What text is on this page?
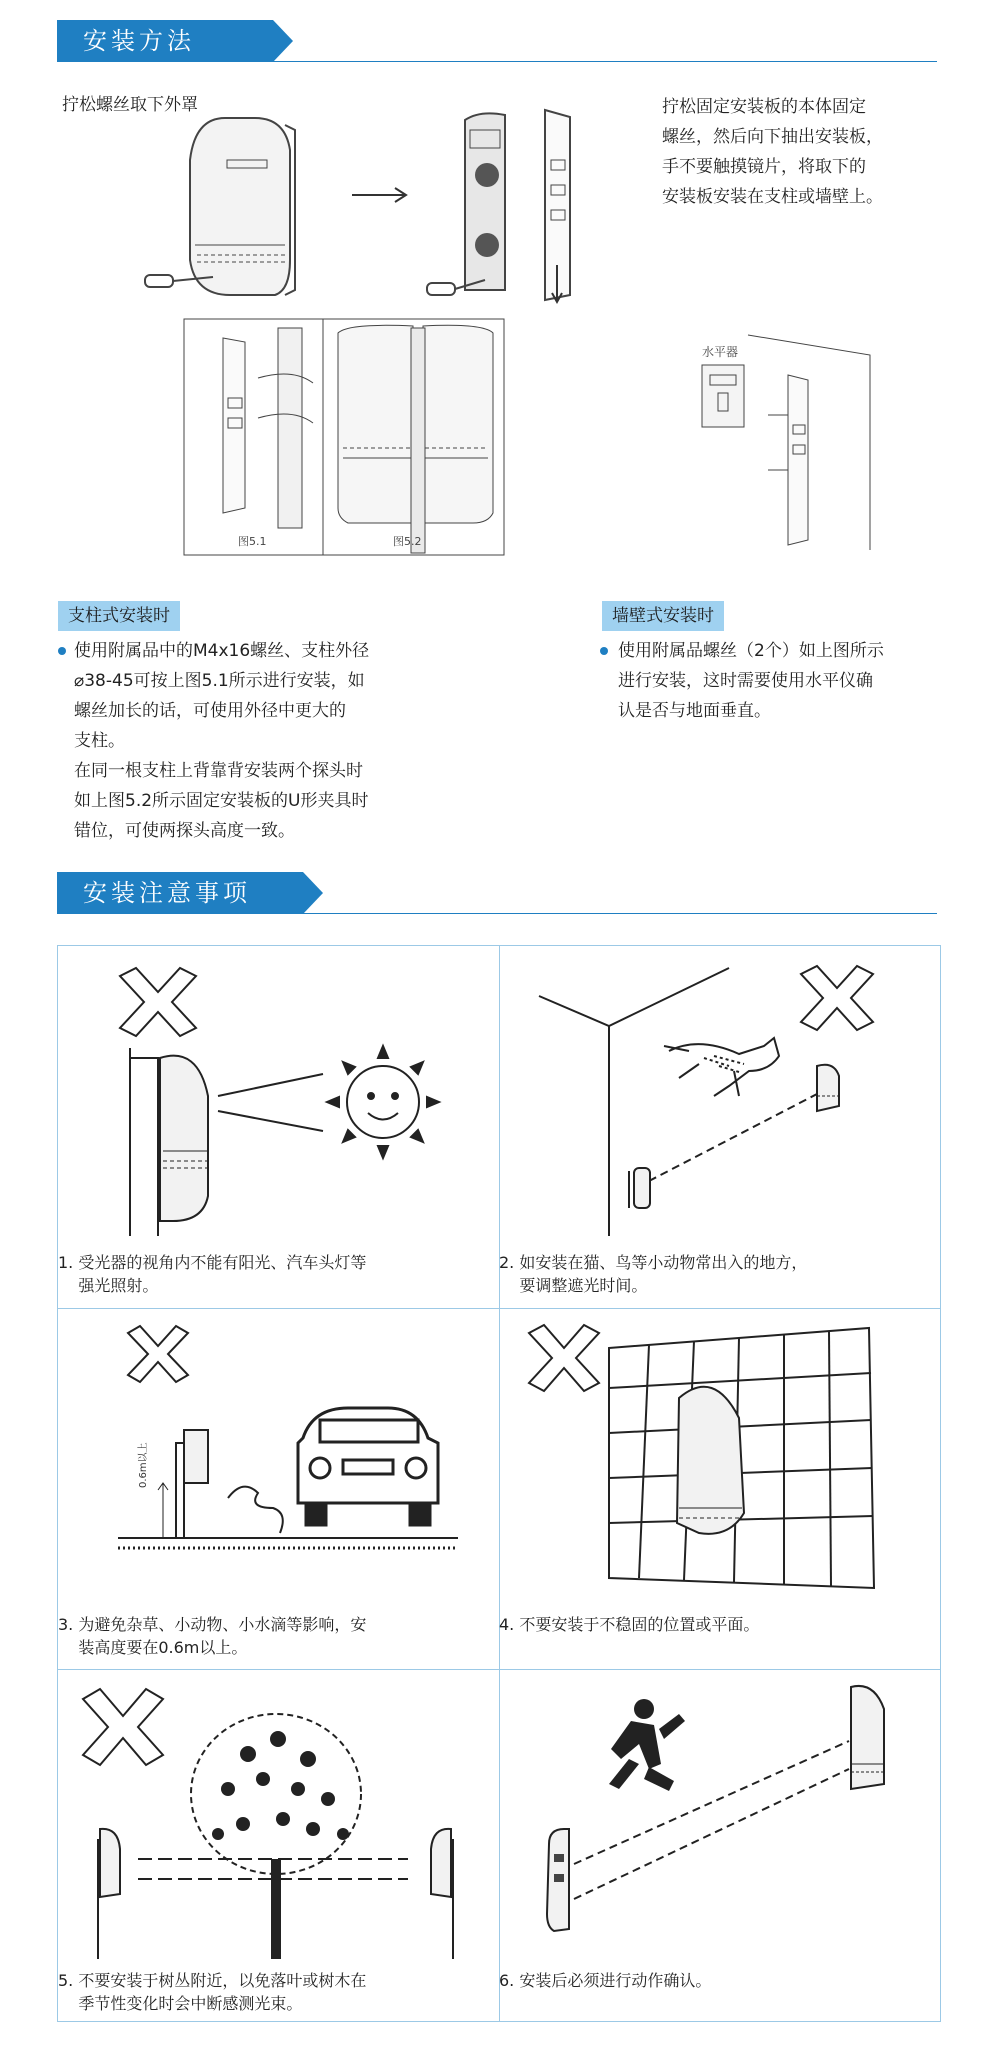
安装方法
拧松螺丝取下外罩	拧松固定安装板的本体固定
螺丝，然后向下抽出安装板，
手不要触摸镜片，将取下的
安装板安装在支柱或墙壁上。
图5.1	图5.2
水平器
支柱式安装时
使用附属品中的M4x16螺丝、支柱外径
⌀38-45可按上图5.1所示进行安装，如
螺丝加长的话，可使用外径中更大的
支柱。
在同一根支柱上背靠背安装两个探头时
如上图5.2所示固定安装板的U形夹具时
错位，可使两探头高度一致。
墙壁式安装时
使用附属品螺丝（2个）如上图所示
进行安装，这时需要使用水平仪确
认是否与地面垂直。
安装注意事项
1. 受光器的视角内不能有阳光、汽车头灯等
强光照射。
2. 如安装在猫、鸟等小动物常出入的地方，
要调整遮光时间。
0.6m以上
3. 为避免杂草、小动物、小水滴等影响，安
装高度要在0.6m以上。
4. 不要安装于不稳固的位置或平面。
5. 不要安装于树丛附近，以免落叶或树木在
季节性变化时会中断感测光束。
6. 安装后必须进行动作确认。
